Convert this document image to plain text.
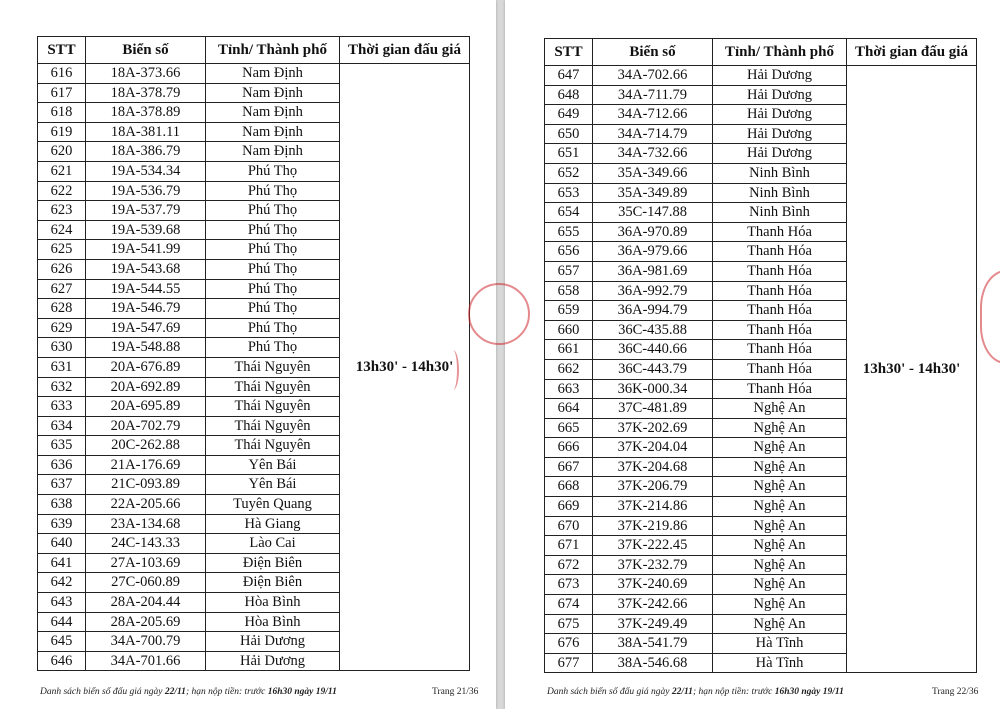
STT	Biển số	Tỉnh/ Thành phố	Thời gian đấu giá
616	18A-373.66	Nam Định	13h30' - 14h30'
617	18A-378.79	Nam Định	
618	18A-378.89	Nam Định	
619	18A-381.11	Nam Định	
620	18A-386.79	Nam Định	
621	19A-534.34	Phú Thọ	
622	19A-536.79	Phú Thọ	
623	19A-537.79	Phú Thọ	
624	19A-539.68	Phú Thọ	
625	19A-541.99	Phú Thọ	
626	19A-543.68	Phú Thọ	
627	19A-544.55	Phú Thọ	
628	19A-546.79	Phú Thọ	
629	19A-547.69	Phú Thọ	
630	19A-548.88	Phú Thọ	
631	20A-676.89	Thái Nguyên	
632	20A-692.89	Thái Nguyên	
633	20A-695.89	Thái Nguyên	
634	20A-702.79	Thái Nguyên	
635	20C-262.88	Thái Nguyên	
636	21A-176.69	Yên Bái	
637	21C-093.89	Yên Bái	
638	22A-205.66	Tuyên Quang	
639	23A-134.68	Hà Giang	
640	24C-143.33	Lào Cai	
641	27A-103.69	Điện Biên	
642	27C-060.89	Điện Biên	
643	28A-204.44	Hòa Bình	
644	28A-205.69	Hòa Bình	
645	34A-700.79	Hải Dương	
646	34A-701.66	Hải Dương	
Danh sách biển số đấu giá ngày 22/11; hạn nộp tiền: trước 16h30 ngày 19/11	Trang 21/36
STT	Biển số	Tỉnh/ Thành phố	Thời gian đấu giá
647	34A-702.66	Hải Dương	13h30' - 14h30'
648	34A-711.79	Hải Dương	
649	34A-712.66	Hải Dương	
650	34A-714.79	Hải Dương	
651	34A-732.66	Hải Dương	
652	35A-349.66	Ninh Bình	
653	35A-349.89	Ninh Bình	
654	35C-147.88	Ninh Bình	
655	36A-970.89	Thanh Hóa	
656	36A-979.66	Thanh Hóa	
657	36A-981.69	Thanh Hóa	
658	36A-992.79	Thanh Hóa	
659	36A-994.79	Thanh Hóa	
660	36C-435.88	Thanh Hóa	
661	36C-440.66	Thanh Hóa	
662	36C-443.79	Thanh Hóa	
663	36K-000.34	Thanh Hóa	
664	37C-481.89	Nghệ An	
665	37K-202.69	Nghệ An	
666	37K-204.04	Nghệ An	
667	37K-204.68	Nghệ An	
668	37K-206.79	Nghệ An	
669	37K-214.86	Nghệ An	
670	37K-219.86	Nghệ An	
671	37K-222.45	Nghệ An	
672	37K-232.79	Nghệ An	
673	37K-240.69	Nghệ An	
674	37K-242.66	Nghệ An	
675	37K-249.49	Nghệ An	
676	38A-541.79	Hà Tĩnh	
677	38A-546.68	Hà Tĩnh	
Danh sách biển số đấu giá ngày 22/11; hạn nộp tiền: trước 16h30 ngày 19/11	Trang 22/36
